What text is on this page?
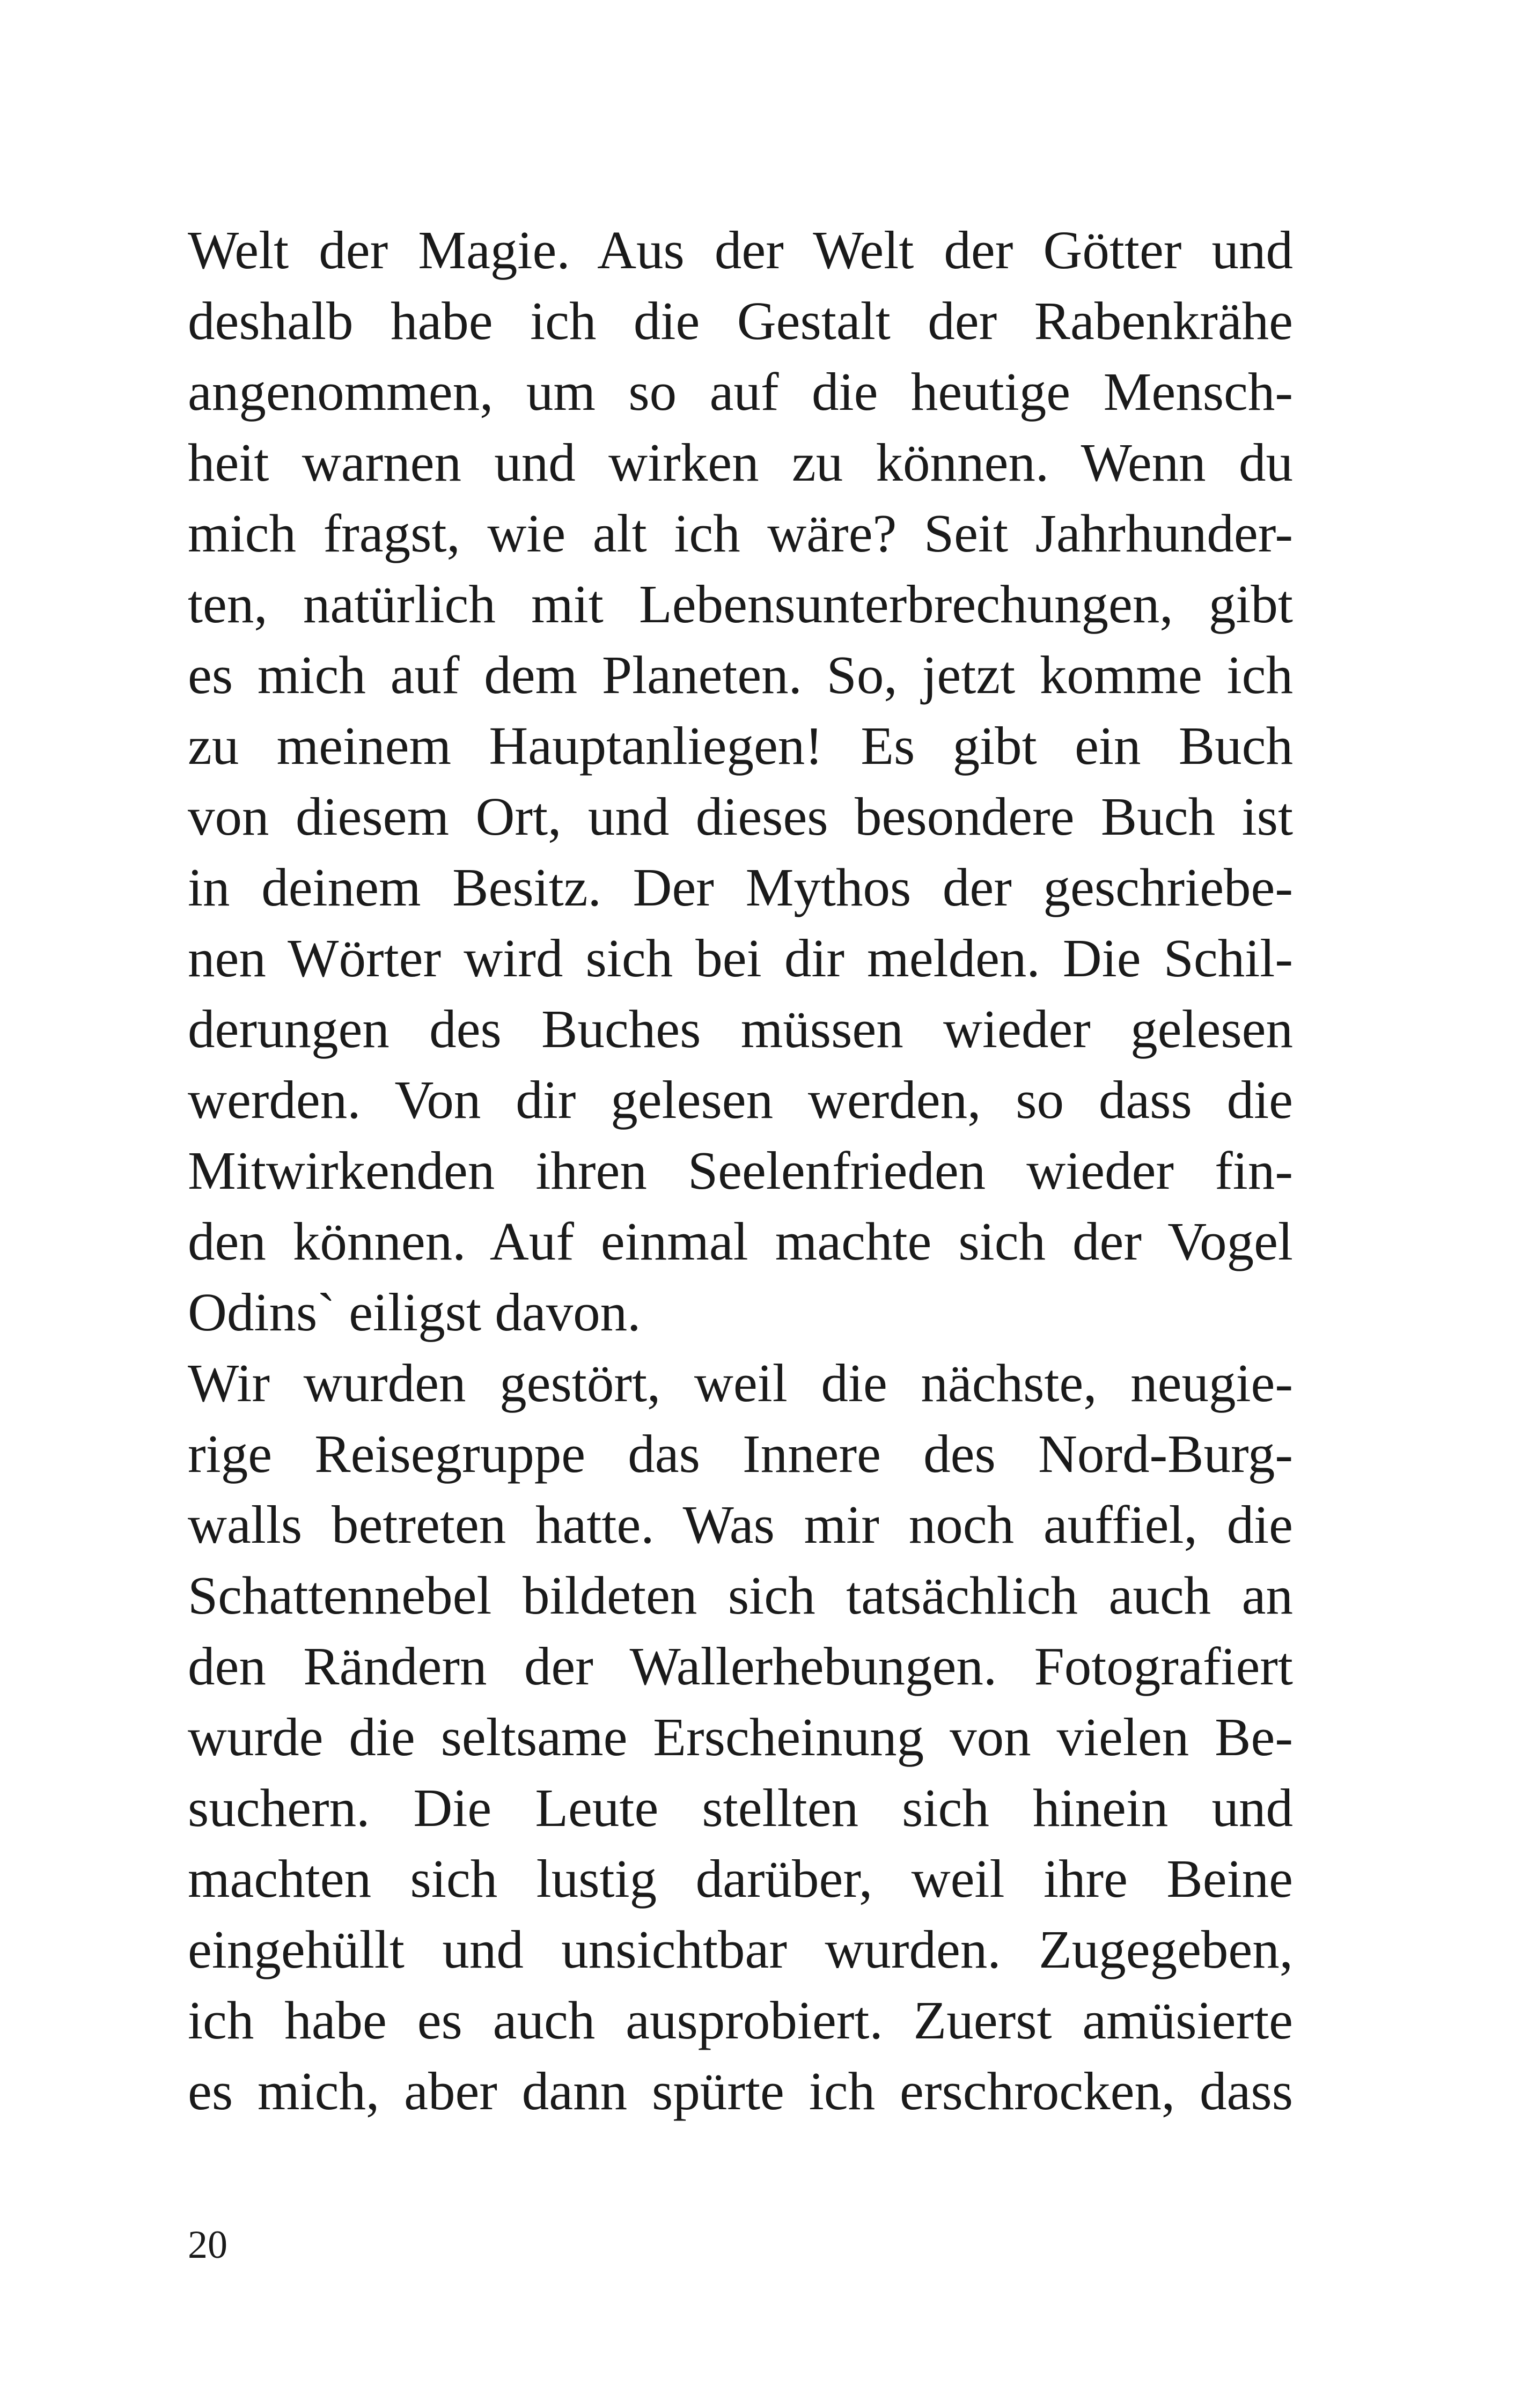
Welt der Magie. Aus der Welt der Götter und
deshalb habe ich die Gestalt der Rabenkrähe
angenommen, um so auf die heutige Mensch-
heit warnen und wirken zu können. Wenn du
mich fragst, wie alt ich wäre? Seit Jahrhunder-
ten, natürlich mit Lebensunterbrechungen, gibt
es mich auf dem Planeten. So, jetzt komme ich
zu meinem Hauptanliegen! Es gibt ein Buch
von diesem Ort, und dieses besondere Buch ist
in deinem Besitz. Der Mythos der geschriebe-
nen Wörter wird sich bei dir melden. Die Schil-
derungen des Buches müssen wieder gelesen
werden. Von dir gelesen werden, so dass die
Mitwirkenden ihren Seelenfrieden wieder fin-
den können. Auf einmal machte sich der Vogel
Odins` eiligst davon.
Wir wurden gestört, weil die nächste, neugie-
rige Reisegruppe das Innere des Nord-Burg-
walls betreten hatte. Was mir noch auffiel, die
Schattennebel bildeten sich tatsächlich auch an
den Rändern der Wallerhebungen. Fotografiert
wurde die seltsame Erscheinung von vielen Be-
suchern. Die Leute stellten sich hinein und
machten sich lustig darüber, weil ihre Beine
eingehüllt und unsichtbar wurden. Zugegeben,
ich habe es auch ausprobiert. Zuerst amüsierte
es mich, aber dann spürte ich erschrocken, dass
20
